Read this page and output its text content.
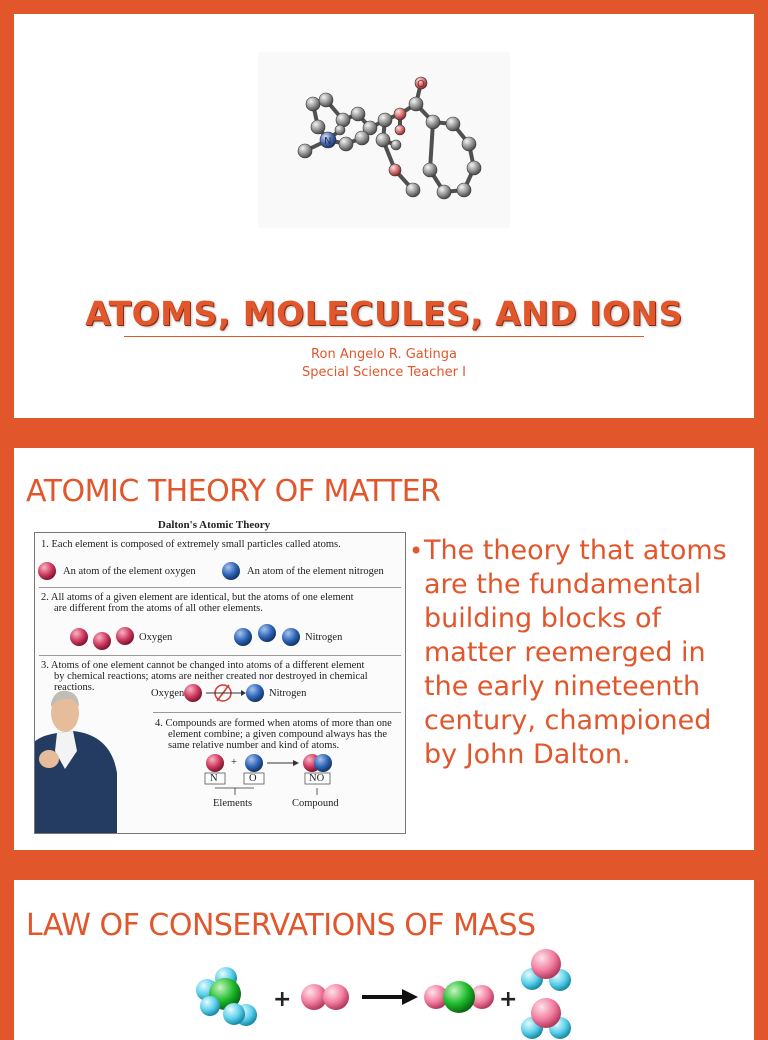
N
O
ATOMS, MOLECULES, AND IONS
Ron Angelo R. Gatinga
Special Science Teacher I
ATOMIC THEORY OF MATTER
Dalton's Atomic Theory
1. Each element is composed of extremely small particles called atoms.
An atom of the element oxygen	An atom of the element nitrogen
2. All atoms of a given element are identical, but the atoms of one element
are different from the atoms of all other elements.
Oxygen	Nitrogen
3. Atoms of one element cannot be changed into atoms of a different element
by chemical reactions; atoms are neither created nor destroyed in chemical
reactions.
Oxygen	Nitrogen
4. Compounds are formed when atoms of more than one
element combine; a given compound always has the
same relative number and kind of atoms.
+
N	O	NO
Elements	Compound
• The theory that atoms are the fundamental building blocks of matter reemerged in the early nineteenth century, championed by John Dalton.
LAW OF CONSERVATIONS OF MASS
+	+
